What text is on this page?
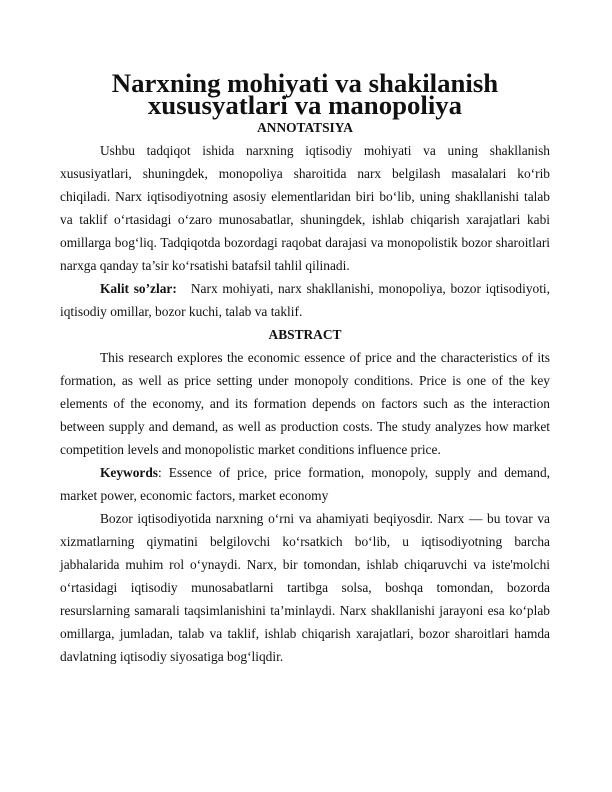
Narxning mohiyati va shakilanish xususyatlari va manopoliya
ANNOTATSIYA

Ushbu tadqiqot ishida narxning iqtisodiy mohiyati va uning shakllanish xususiyatlari, shuningdek, monopoliya sharoitida narx belgilash masalalari ko‘rib chiqiladi. Narx iqtisodiyotning asosiy elementlaridan biri bo‘lib, uning shakllanishi talab va taklif o‘rtasidagi o‘zaro munosabatlar, shuningdek, ishlab chiqarish xarajatlari kabi omillarga bog‘liq. Tadqiqotda bozordagi raqobat darajasi va monopolistik bozor sharoitlari narxga qanday ta’sir ko‘rsatishi batafsil tahlil qilinadi.

Kalit so’zlar: Narx mohiyati, narx shakllanishi, monopoliya, bozor iqtisodiyoti, iqtisodiy omillar, bozor kuchi, talab va taklif.

ABSTRACT

This research explores the economic essence of price and the characteristics of its formation, as well as price setting under monopoly conditions. Price is one of the key elements of the economy, and its formation depends on factors such as the interaction between supply and demand, as well as production costs. The study analyzes how market competition levels and monopolistic market conditions influence price.

Keywords: Essence of price, price formation, monopoly, supply and demand, market power, economic factors, market economy

Bozor iqtisodiyotida narxning o‘rni va ahamiyati beqiyosdir. Narx — bu tovar va xizmatlarning qiymatini belgilovchi ko‘rsatkich bo‘lib, u iqtisodiyotning barcha jabhalarida muhim rol o‘ynaydi. Narx, bir tomondan, ishlab chiqaruvchi va iste'molchi o‘rtasidagi iqtisodiy munosabatlarni tartibga solsa, boshqa tomondan, bozorda resurslarning samarali taqsimlanishini ta’minlaydi. Narx shakllanishi jarayoni esa ko‘plab omillarga, jumladan, talab va taklif, ishlab chiqarish xarajatlari, bozor sharoitlari hamda davlatning iqtisodiy siyosatiga bog‘liqdir.
